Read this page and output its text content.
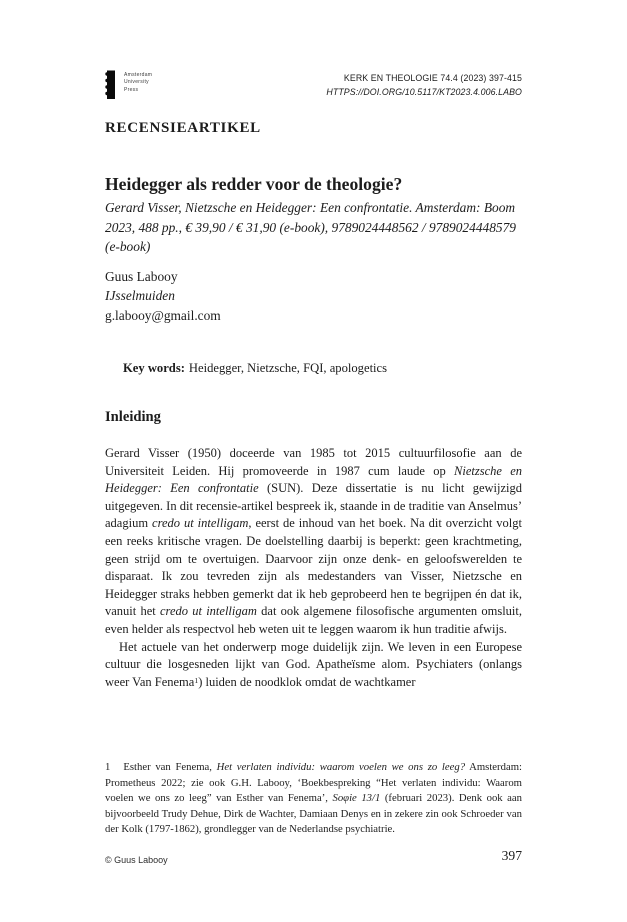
Amsterdam
University
Press
KERK EN THEOLOGIE 74.4 (2023) 397-415
HTTPS://DOI.ORG/10.5117/KT2023.4.006.LABO
RECENSIEARTIKEL
Heidegger als redder voor de theologie?
Gerard Visser, Nietzsche en Heidegger: Een confrontatie. Amsterdam: Boom 2023, 488 pp., € 39,90 / € 31,90 (e-book), 9789024448562 / 9789024448579 (e-book)
Guus Labooy
IJsselmuiden
g.labooy@gmail.com
Key words: Heidegger, Nietzsche, FQI, apologetics
Inleiding

Gerard Visser (1950) doceerde van 1985 tot 2015 cultuurfilosofie aan de Universiteit Leiden. Hij promoveerde in 1987 cum laude op Nietzsche en Heidegger: Een confrontatie (SUN). Deze dissertatie is nu licht gewijzigd uitgegeven. In dit recensie-artikel bespreek ik, staande in de traditie van Anselmus’ adagium credo ut intelligam, eerst de inhoud van het boek. Na dit overzicht volgt een reeks kritische vragen. De doelstelling daarbij is beperkt: geen krachtmeting, geen strijd om te overtuigen. Daarvoor zijn onze denk- en geloofswerelden te disparaat. Ik zou tevreden zijn als medestanders van Visser, Nietzsche en Heidegger straks hebben gemerkt dat ik heb geprobeerd hen te begrijpen én dat ik, vanuit het credo ut intelligam dat ook algemene filosofische argumenten omsluit, even helder als respectvol heb weten uit te leggen waarom ik hun traditie afwijs.

Het actuele van het onderwerp moge duidelijk zijn. We leven in een Europese cultuur die losgesneden lijkt van God. Apatheïsme alom. Psychiaters (onlangs weer Van Fenema$^1$) luiden de noodklok omdat de wachtkamer

1 Esther van Fenema, Het verlaten individu: waarom voelen we ons zo leeg? Amsterdam: Prometheus 2022; zie ook G.H. Labooy, ‘Boekbespreking “Het verlaten individu: Waarom voelen we ons zo leeg” van Esther van Fenema’, Soφie 13/1 (februari 2023). Denk ook aan bijvoorbeeld Trudy Dehue, Dirk de Wachter, Damiaan Denys en in zekere zin ook Schroeder van der Kolk (1797-1862), grondlegger van de Nederlandse psychiatrie.
© Guus Labooy	397
